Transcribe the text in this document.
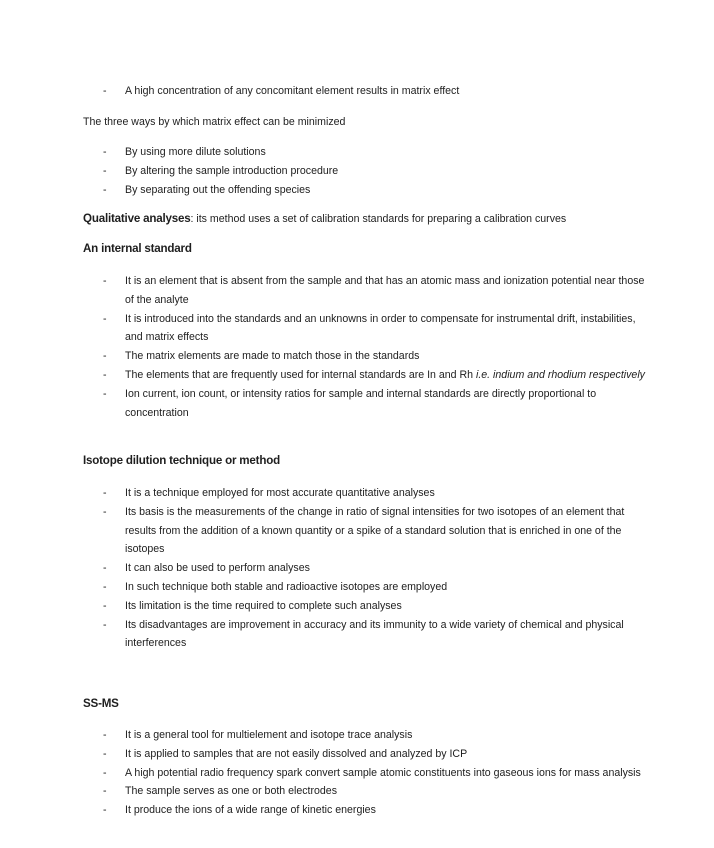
- A high concentration of any concomitant element results in matrix effect

The three ways by which matrix effect can be minimized

- By using more dilute solutions
- By altering the sample introduction procedure
- By separating out the offending species

Qualitative analyses: its method uses a set of calibration standards for preparing a calibration curves

An internal standard
- It is an element that is absent from the sample and that has an atomic mass and ionization potential near those of the analyte
- It is introduced into the standards and an unknowns in order to compensate for instrumental drift, instabilities, and matrix effects
- The matrix elements are made to match those in the standards
- The elements that are frequently used for internal standards are In and Rh i.e. indium and rhodium respectively
- Ion current, ion count, or intensity ratios for sample and internal standards are directly proportional to concentration
Isotope dilution technique or method
- It is a technique employed for most accurate quantitative analyses
- Its basis is the measurements of the change in ratio of signal intensities for two isotopes of an element that results from the addition of a known quantity or a spike of a standard solution that is enriched in one of the isotopes
- It can also be used to perform analyses
- In such technique both stable and radioactive isotopes are employed
- Its limitation is the time required to complete such analyses
- Its disadvantages are improvement in accuracy and its immunity to a wide variety of chemical and physical interferences
SS-MS
- It is a general tool for multielement and isotope trace analysis
- It is applied to samples that are not easily dissolved and analyzed by ICP
- A high potential radio frequency spark convert sample atomic constituents into gaseous ions for mass analysis
- The sample serves as one or both electrodes
- It produce the ions of a wide range of kinetic energies
